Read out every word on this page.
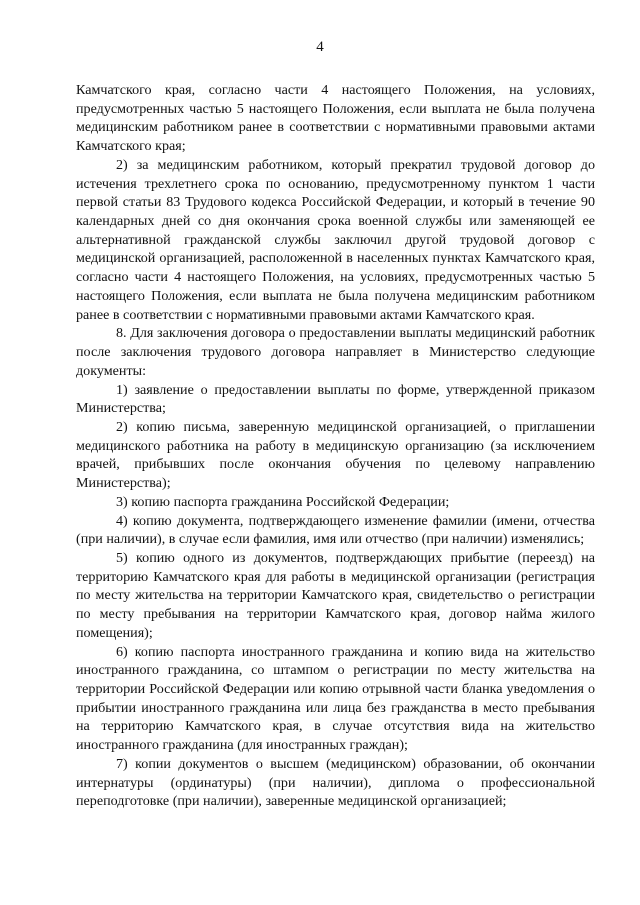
4

Камчатского края, согласно части 4 настоящего Положения, на условиях, предусмотренных частью 5 настоящего Положения, если выплата не была получена медицинским работником ранее в соответствии с нормативными правовыми актами Камчатского края;

2) за медицинским работником, который прекратил трудовой договор до истечения трехлетнего срока по основанию, предусмотренному пунктом 1 части первой статьи 83 Трудового кодекса Российской Федерации, и который в течение 90 календарных дней со дня окончания срока военной службы или заменяющей ее альтернативной гражданской службы заключил другой трудовой договор с медицинской организацией, расположенной в населенных пунктах Камчатского края, согласно части 4 настоящего Положения, на условиях, предусмотренных частью 5 настоящего Положения, если выплата не была получена медицинским работником ранее в соответствии с нормативными правовыми актами Камчатского края.

8. Для заключения договора о предоставлении выплаты медицинский работник после заключения трудового договора направляет в Министерство следующие документы:

1) заявление о предоставлении выплаты по форме, утвержденной приказом Министерства;

2) копию письма, заверенную медицинской организацией, о приглашении медицинского работника на работу в медицинскую организацию (за исключением врачей, прибывших после окончания обучения по целевому направлению Министерства);

3) копию паспорта гражданина Российской Федерации;

4) копию документа, подтверждающего изменение фамилии (имени, отчества (при наличии), в случае если фамилия, имя или отчество (при наличии) изменялись;

5) копию одного из документов, подтверждающих прибытие (переезд) на территорию Камчатского края для работы в медицинской организации (регистрация по месту жительства на территории Камчатского края, свидетельство о регистрации по месту пребывания на территории Камчатского края, договор найма жилого помещения);

6) копию паспорта иностранного гражданина и копию вида на жительство иностранного гражданина, со штампом о регистрации по месту жительства на территории Российской Федерации или копию отрывной части бланка уведомления о прибытии иностранного гражданина или лица без гражданства в место пребывания на территорию Камчатского края, в случае отсутствия вида на жительство иностранного гражданина (для иностранных граждан);

7) копии документов о высшем (медицинском) образовании, об окончании интернатуры (ординатуры) (при наличии), диплома о профессиональной переподготовке (при наличии), заверенные медицинской организацией;
